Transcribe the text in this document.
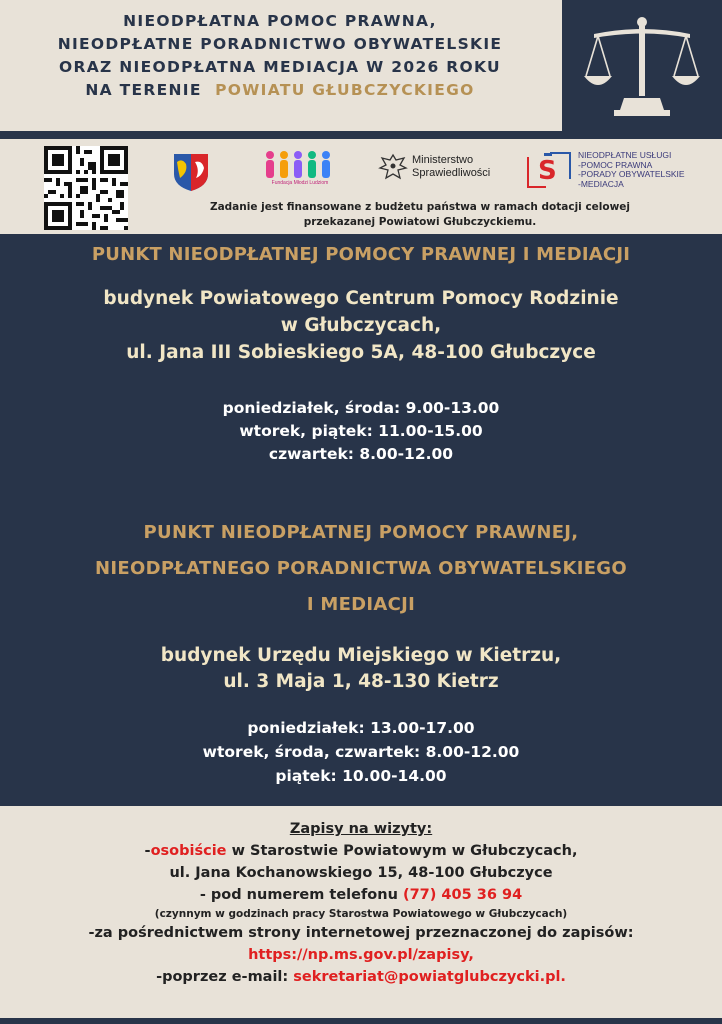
NIEODPŁATNA POMOC PRAWNA,
NIEODPŁATNE PORADNICTWO OBYWATELSKIE
ORAZ NIEODPŁATNA MEDIACJA W 2026 ROKU
NA TERENIE POWIATU GŁUBCZYCKIEGO
Fundacja Młodzi Ludziom
Ministerstwo
Sprawiedliwości S
NIEODPŁATNE USŁUGI
-POMOC PRAWNA
-PORADY OBYWATELSKIE
-MEDIACJA
Zadanie jest finansowane z budżetu państwa w ramach dotacji celowej
przekazanej Powiatowi Głubczyckiemu.
PUNKT NIEODPŁATNEJ POMOCY PRAWNEJ I MEDIACJI
budynek Powiatowego Centrum Pomocy Rodzinie
w Głubczycach,
ul. Jana III Sobieskiego 5A, 48-100 Głubczyce
poniedziałek, środa: 9.00-13.00
wtorek, piątek: 11.00-15.00
czwartek: 8.00-12.00
PUNKT NIEODPŁATNEJ POMOCY PRAWNEJ,
NIEODPŁATNEGO PORADNICTWA OBYWATELSKIEGO
I MEDIACJI
budynek Urzędu Miejskiego w Kietrzu,
ul. 3 Maja 1, 48-130 Kietrz
poniedziałek: 13.00-17.00
wtorek, środa, czwartek: 8.00-12.00
piątek: 10.00-14.00
Zapisy na wizyty:
-osobiście w Starostwie Powiatowym w Głubczycach,
ul. Jana Kochanowskiego 15, 48-100 Głubczyce
- pod numerem telefonu (77) 405 36 94
(czynnym w godzinach pracy Starostwa Powiatowego w Głubczycach)
-za pośrednictwem strony internetowej przeznaczonej do zapisów:
https://np.ms.gov.pl/zapisy,
-poprzez e-mail: sekretariat@powiatglubczycki.pl.
